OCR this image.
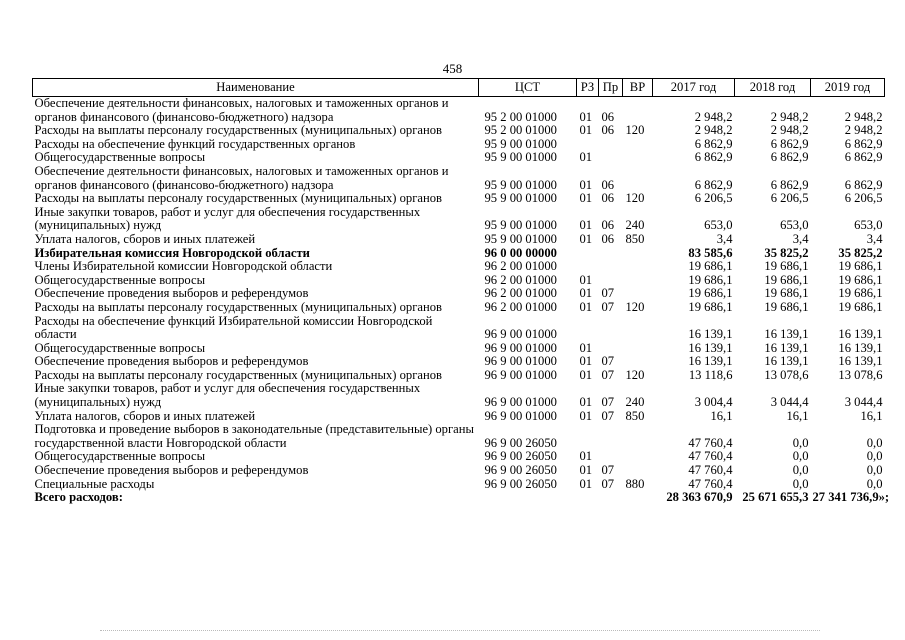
458
Наименование	ЦСТ	РЗ	Пр	ВР	2017 год	2018 год	2019 год
Обеспечение деятельности финансовых, налоговых и таможенных органов и органов финансового (финансово-бюджетного) надзора	95 2 00 01000	01	06		2 948,2	2 948,2	2 948,2
Расходы на выплаты персоналу государственных (муниципальных) органов	95 2 00 01000	01	06	120	2 948,2	2 948,2	2 948,2
Расходы на обеспечение функций государственных органов	95 9 00 01000				6 862,9	6 862,9	6 862,9
Общегосударственные вопросы	95 9 00 01000	01			6 862,9	6 862,9	6 862,9
Обеспечение деятельности финансовых, налоговых и таможенных органов и органов финансового (финансово-бюджетного) надзора	95 9 00 01000	01	06		6 862,9	6 862,9	6 862,9
Расходы на выплаты персоналу государственных (муниципальных) органов	95 9 00 01000	01	06	120	6 206,5	6 206,5	6 206,5
Иные закупки товаров, работ и услуг для обеспечения государственных (муниципальных) нужд	95 9 00 01000	01	06	240	653,0	653,0	653,0
Уплата налогов, сборов и иных платежей	95 9 00 01000	01	06	850	3,4	3,4	3,4
Избирательная комиссия Новгородской области	96 0 00 00000				83 585,6	35 825,2	35 825,2
Члены Избирательной комиссии Новгородской области	96 2 00 01000				19 686,1	19 686,1	19 686,1
Общегосударственные вопросы	96 2 00 01000	01			19 686,1	19 686,1	19 686,1
Обеспечение проведения выборов и референдумов	96 2 00 01000	01	07		19 686,1	19 686,1	19 686,1
Расходы на выплаты персоналу государственных (муниципальных) органов	96 2 00 01000	01	07	120	19 686,1	19 686,1	19 686,1
Расходы на обеспечение функций Избирательной комиссии Новгородской области	96 9 00 01000				16 139,1	16 139,1	16 139,1
Общегосударственные вопросы	96 9 00 01000	01			16 139,1	16 139,1	16 139,1
Обеспечение проведения выборов и референдумов	96 9 00 01000	01	07		16 139,1	16 139,1	16 139,1
Расходы на выплаты персоналу государственных (муниципальных) органов	96 9 00 01000	01	07	120	13 118,6	13 078,6	13 078,6
Иные закупки товаров, работ и услуг для обеспечения государственных (муниципальных) нужд	96 9 00 01000	01	07	240	3 004,4	3 044,4	3 044,4
Уплата налогов, сборов и иных платежей	96 9 00 01000	01	07	850	16,1	16,1	16,1
Подготовка и проведение выборов в законодательные (представительные) органы государственной власти Новгородской области	96 9 00 26050				47 760,4	0,0	0,0
Общегосударственные вопросы	96 9 00 26050	01			47 760,4	0,0	0,0
Обеспечение проведения выборов и референдумов	96 9 00 26050	01	07		47 760,4	0,0	0,0
Специальные расходы	96 9 00 26050	01	07	880	47 760,4	0,0	0,0
Всего расходов:					28 363 670,9	25 671 655,3	27 341 736,9»;
